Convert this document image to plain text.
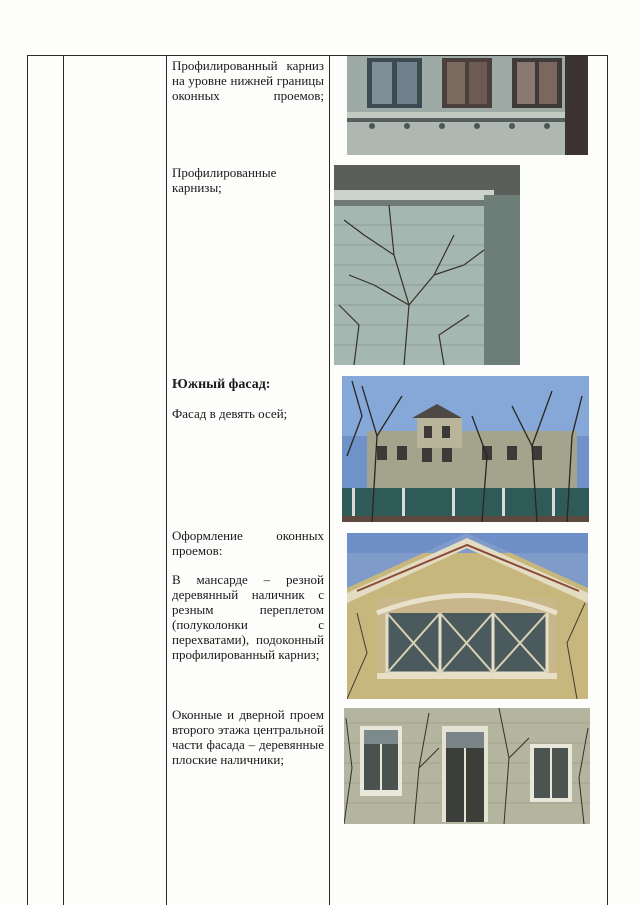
Профилированный карниз на уровне нижней границы оконных проемов;

Профилированные карнизы;

Южный фасад:

Фасад в девять осей;

Оформление оконных проемов:

В мансарде – резной деревянный наличник с резным переплетом (полуколонки с перехватами), подоконный профилированный карниз;

Оконные и дверной проем второго этажа центральной части фасада – деревянные плоские наличники;
